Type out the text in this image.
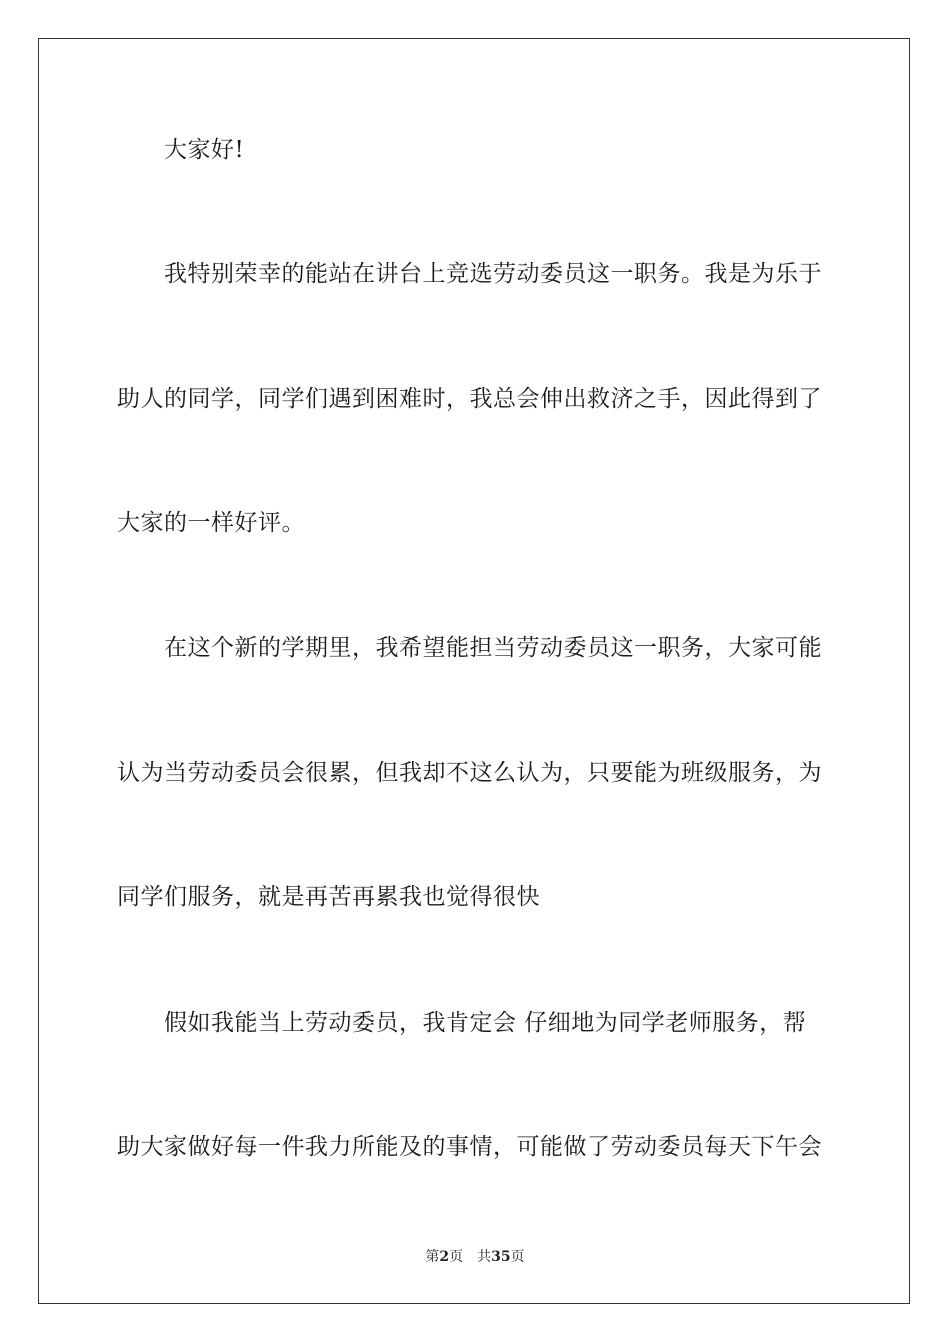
大家好!
我特别荣幸的能站在讲台上竞选劳动委员这一职务。我是为乐于
助人的同学，同学们遇到困难时，我总会伸出救济之手，因此得到了
大家的一样好评。
在这个新的学期里，我希望能担当劳动委员这一职务，大家可能
认为当劳动委员会很累，但我却不这么认为，只要能为班级服务，为
同学们服务，就是再苦再累我也觉得很快
假如我能当上劳动委员，我肯定会 仔细地为同学老师服务，帮
助大家做好每一件我力所能及的事情，可能做了劳动委员每天下午会
第2页 共35页
